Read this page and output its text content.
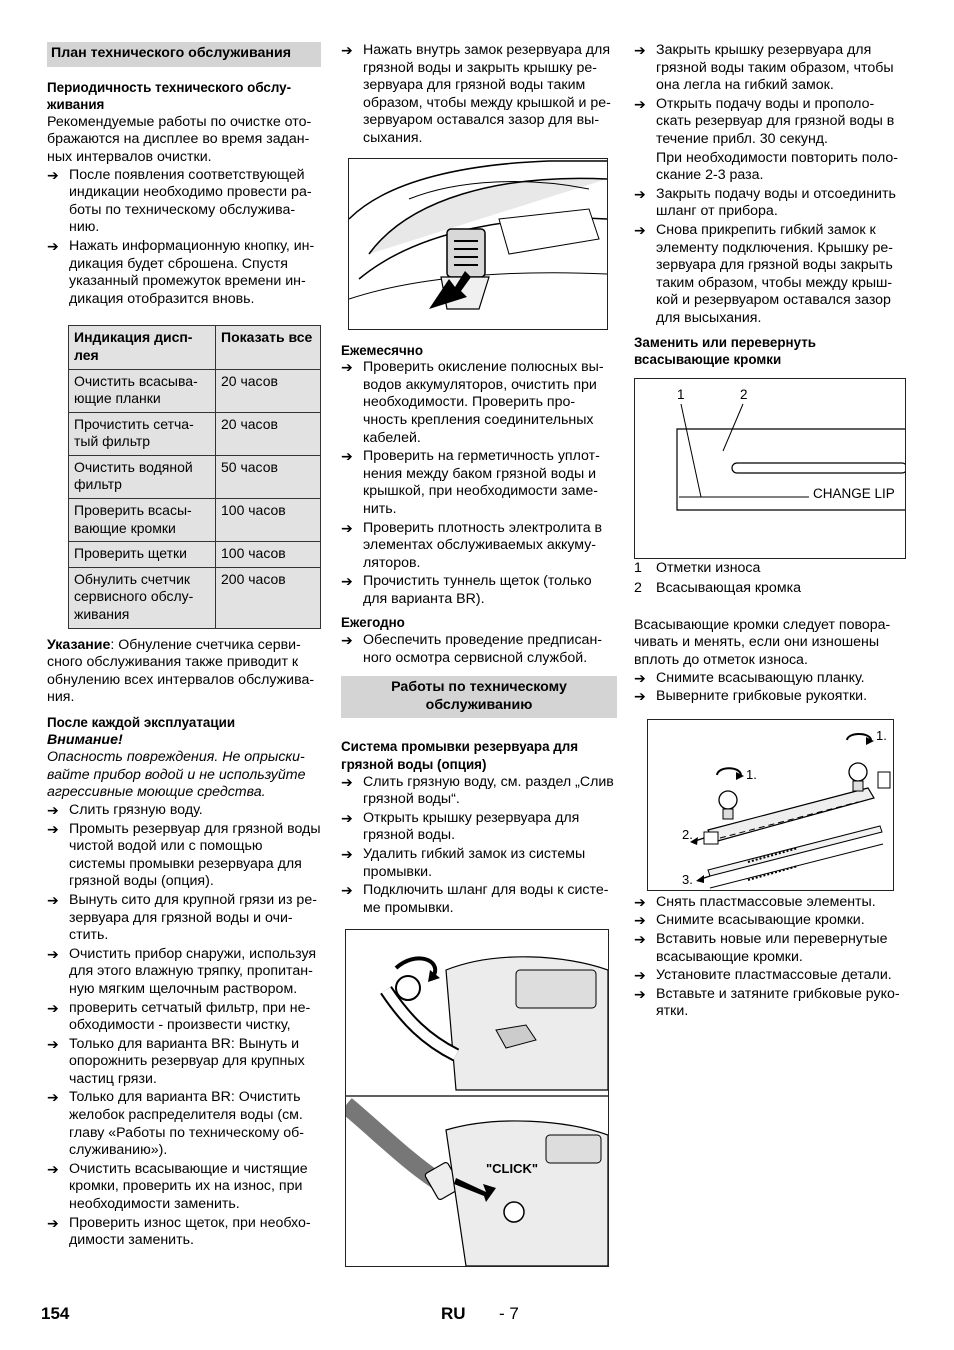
План технического обслуживания
Периодичность технического обслу-живания
Рекомендуемые работы по очистке ото-бражаются на дисплее во время задан-ных интервалов очистки.
➔ После появления соответствующей индикации необходимо провести ра-боты по техническому обслужива-нию.
➔ Нажать информационную кнопку, ин-дикация будет сброшена. Спустя указанный промежуток времени ин-дикация отобразится вновь.
Индикация дисп-лея	Показать все
Очистить всасыва-ющие планки	20 часов
Прочистить сетча-тый фильтр	20 часов
Очистить водяной фильтр	50 часов
Проверить всасы-вающие кромки	100 часов
Проверить щетки	100 часов
Обнулить счетчик сервисного обслу-живания	200 часов
Указание: Обнуление счетчика серви-сного обслуживания также приводит к обнулению всех интервалов обслужива-ния.
После каждой эксплуатации
Внимание!
Опасность повреждения. Не опрыски-вайте прибор водой и не используйте агрессивные моющие средства.
➔ Слить грязную воду.
➔ Промыть резервуар для грязной воды чистой водой или с помощью системы промывки резервуара для грязной воды (опция).
➔ Вынуть сито для крупной грязи из ре-зервуара для грязной воды и очи-стить.
➔ Очистить прибор снаружи, используя для этого влажную тряпку, пропитан-ную мягким щелочным раствором.
➔ проверить сетчатый фильтр, при не-обходимости - произвести чистку,
➔ Только для варианта BR: Вынуть и опорожнить резервуар для крупных частиц грязи.
➔ Только для варианта BR: Очистить желобок распределителя воды (см. главу «Работы по техническому об-служиванию»).
➔ Очистить всасывающие и чистящие кромки, проверить их на износ, при необходимости заменить.
➔ Проверить износ щеток, при необхо-димости заменить.
➔ Нажать внутрь замок резервуара для грязной воды и закрыть крышку ре-зервуара для грязной воды таким образом, чтобы между крышкой и ре-зервуаром оставался зазор для вы-сыхания.
Ежемесячно
➔ Проверить окисление полюсных вы-водов аккумуляторов, очистить при необходимости. Проверить про-чность крепления соединительных кабелей.
➔ Проверить на герметичность уплот-нения между баком грязной воды и крышкой, при необходимости заме-нить.
➔ Проверить плотность электролита в элементах обслуживаемых аккуму-ляторов.
➔ Прочистить туннель щеток (только для варианта BR).
Ежегодно
➔ Обеспечить проведение предписан-ного осмотра сервисной службой.
Работы по техническому обслуживанию
Система промывки резервуара для грязной воды (опция)
➔ Слить грязную воду, см. раздел „Слив грязной воды“.
➔ Открыть крышку резервуара для грязной воды.
➔ Удалить гибкий замок из системы промывки.
➔ Подключить шланг для воды к систе-ме промывки.
"CLICK"
➔ Закрыть крышку резервуара для грязной воды таким образом, чтобы она легла на гибкий замок.
➔ Открыть подачу воды и прополо-скать резервуар для грязной воды в течение прибл. 30 секунд.
При необходимости повторить поло-скание 2-3 раза.
➔ Закрыть подачу воды и отсоединить шланг от прибора.
➔ Снова прикрепить гибкий замок к элементу подключения. Крышку ре-зервуара для грязной воды закрыть таким образом, чтобы между крыш-кой и резервуаром оставался зазор для высыхания.
Заменить или перевернуть всасывающие кромки
1	2
CHANGE LIP
1 Отметки износа
2 Всасывающая кромка
Всасывающие кромки следует повора-чивать и менять, если они изношены вплоть до отметок износа.
➔ Снимите всасывающую планку.
➔ Выверните грибковые рукоятки.
1.
1.
2.
3.
➔ Снять пластмассовые элементы.
➔ Снимите всасывающие кромки.
➔ Вставить новые или перевернутые всасывающие кромки.
➔ Установите пластмассовые детали.
➔ Вставьте и затяните грибковые руко-ятки.
154	RU - 7
